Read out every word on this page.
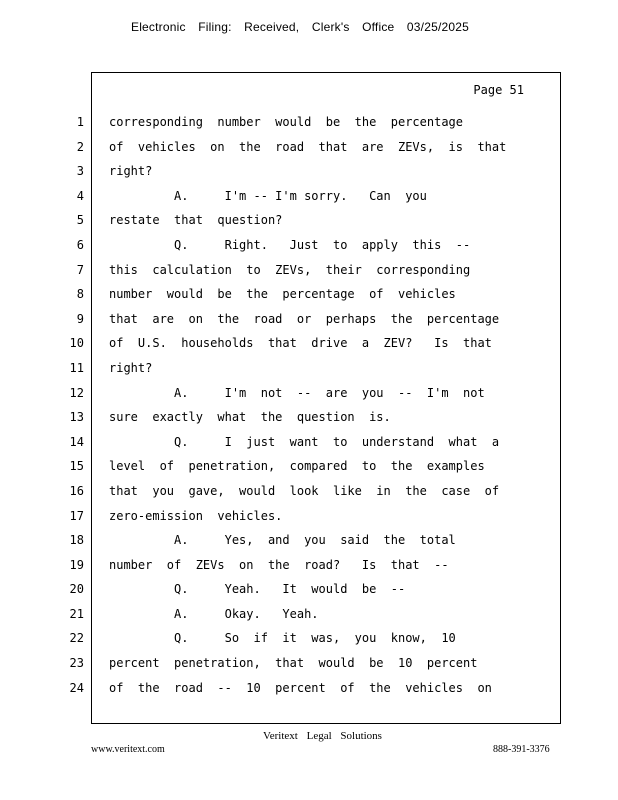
Electronic Filing: Received, Clerk's Office 03/25/2025
Page 51
1
2
3
4
5
6
7
8
9
10
11
12
13
14
15
16
17
18
19
20
21
22
23
24
corresponding  number  would  be  the  percentage
of  vehicles  on  the  road  that  are  ZEVs,  is  that
right?
A.     I'm -- I'm sorry.   Can  you
restate  that  question?
Q.     Right.   Just  to  apply  this  --
this  calculation  to  ZEVs,  their  corresponding
number  would  be  the  percentage  of  vehicles
that  are  on  the  road  or  perhaps  the  percentage
of  U.S.  households  that  drive  a  ZEV?   Is  that
right?
A.     I'm  not  --  are  you  --  I'm  not
sure  exactly  what  the  question  is.
Q.     I  just  want  to  understand  what  a
level  of  penetration,  compared  to  the  examples
that  you  gave,  would  look  like  in  the  case  of
zero-emission  vehicles.
A.     Yes,  and  you  said  the  total
number  of  ZEVs  on  the  road?   Is  that  --
Q.     Yeah.   It  would  be  --
A.     Okay.   Yeah.
Q.     So  if  it  was,  you  know,  10
percent  penetration,  that  would  be  10  percent
of  the  road  --  10  percent  of  the  vehicles  on
Veritext Legal Solutions
www.veritext.com	888-391-3376
